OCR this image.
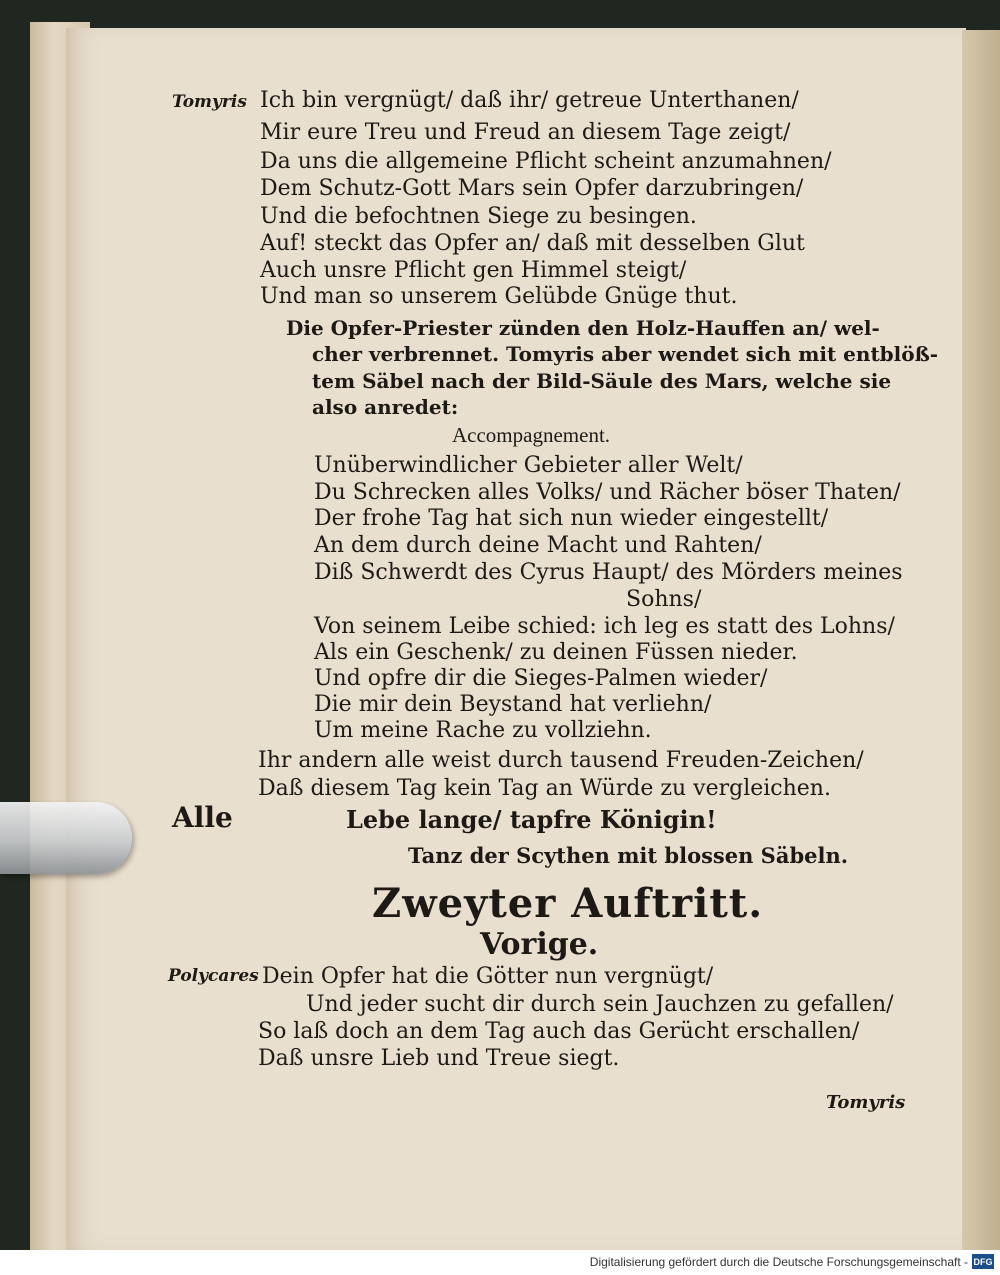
Tomyris Ich bin vergnügt/ daß ihr/ getreue Unterthanen/
Mir eure Treu und Freud an diesem Tage zeigt/
Da uns die allgemeine Pflicht scheint anzumahnen/
Dem Schutz-Gott Mars sein Opfer darzubringen/
Und die befochtnen Siege zu besingen.
Auf! steckt das Opfer an/ daß mit desselben Glut
Auch unsre Pflicht gen Himmel steigt/
Und man so unserem Gelübde Gnüge thut.
Die Opfer-Priester zünden den Holz-Hauffen an/ wel-
cher verbrennet. Tomyris aber wendet sich mit entblöß-
tem Säbel nach der Bild-Säule des Mars, welche sie
also anredet:
Accompagnement.
Unüberwindlicher Gebieter aller Welt/
Du Schrecken alles Volks/ und Rächer böser Thaten/
Der frohe Tag hat sich nun wieder eingestellt/
An dem durch deine Macht und Rahten/
Diß Schwerdt des Cyrus Haupt/ des Mörders meines
Sohns/
Von seinem Leibe schied: ich leg es statt des Lohns/
Als ein Geschenk/ zu deinen Füssen nieder.
Und opfre dir die Sieges-Palmen wieder/
Die mir dein Beystand hat verliehn/
Um meine Rache zu vollziehn.
Ihr andern alle weist durch tausend Freuden-Zeichen/
Daß diesem Tag kein Tag an Würde zu vergleichen.
Alle	Lebe lange/ tapfre Königin!
Tanz der Scythen mit blossen Säbeln.
Zweyter Auftritt.
Vorige.
Polycares Dein Opfer hat die Götter nun vergnügt/
Und jeder sucht dir durch sein Jauchzen zu gefallen/
So laß doch an dem Tag auch das Gerücht erschallen/
Daß unsre Lieb und Treue siegt.
Tomyris
Digitalisierung gefördert durch die Deutsche Forschungsgemeinschaft - DFG
